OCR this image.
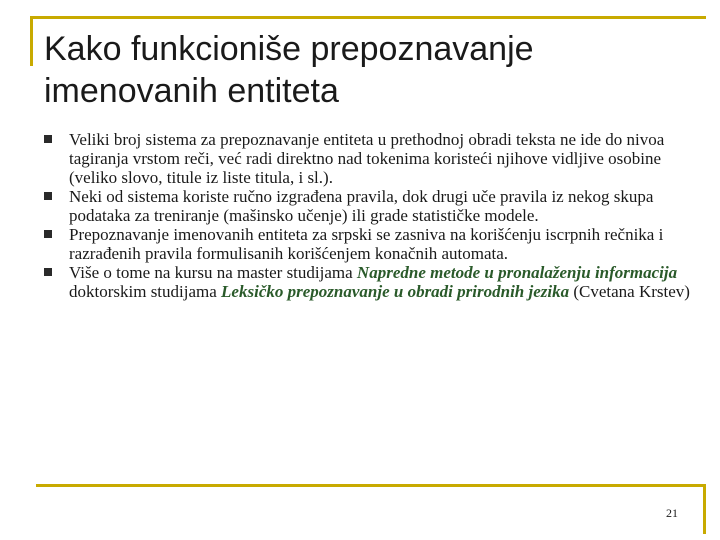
Kako funkcioniše prepoznavanje imenovanih entiteta
Veliki broj sistema za prepoznavanje entiteta u prethodnoj obradi teksta ne ide do nivoa tagiranja vrstom reči, već radi direktno nad tokenima koristeći njihove vidljive osobine (veliko slovo, titule iz liste titula, i sl.).
Neki od sistema koriste ručno izgrađena pravila, dok drugi uče pravila iz nekog skupa podataka za treniranje (mašinsko učenje) ili grade statističke modele.
Prepoznavanje imenovanih entiteta za srpski se zasniva na korišćenju iscrpnih rečnika i razrađenih pravila formulisanih korišćenjem konačnih automata.
Više o tome na kursu na master studijama Napredne metode u pronalaženju informacija doktorskim studijama Leksičko prepoznavanje u obradi prirodnih jezika (Cvetana Krstev)
21
